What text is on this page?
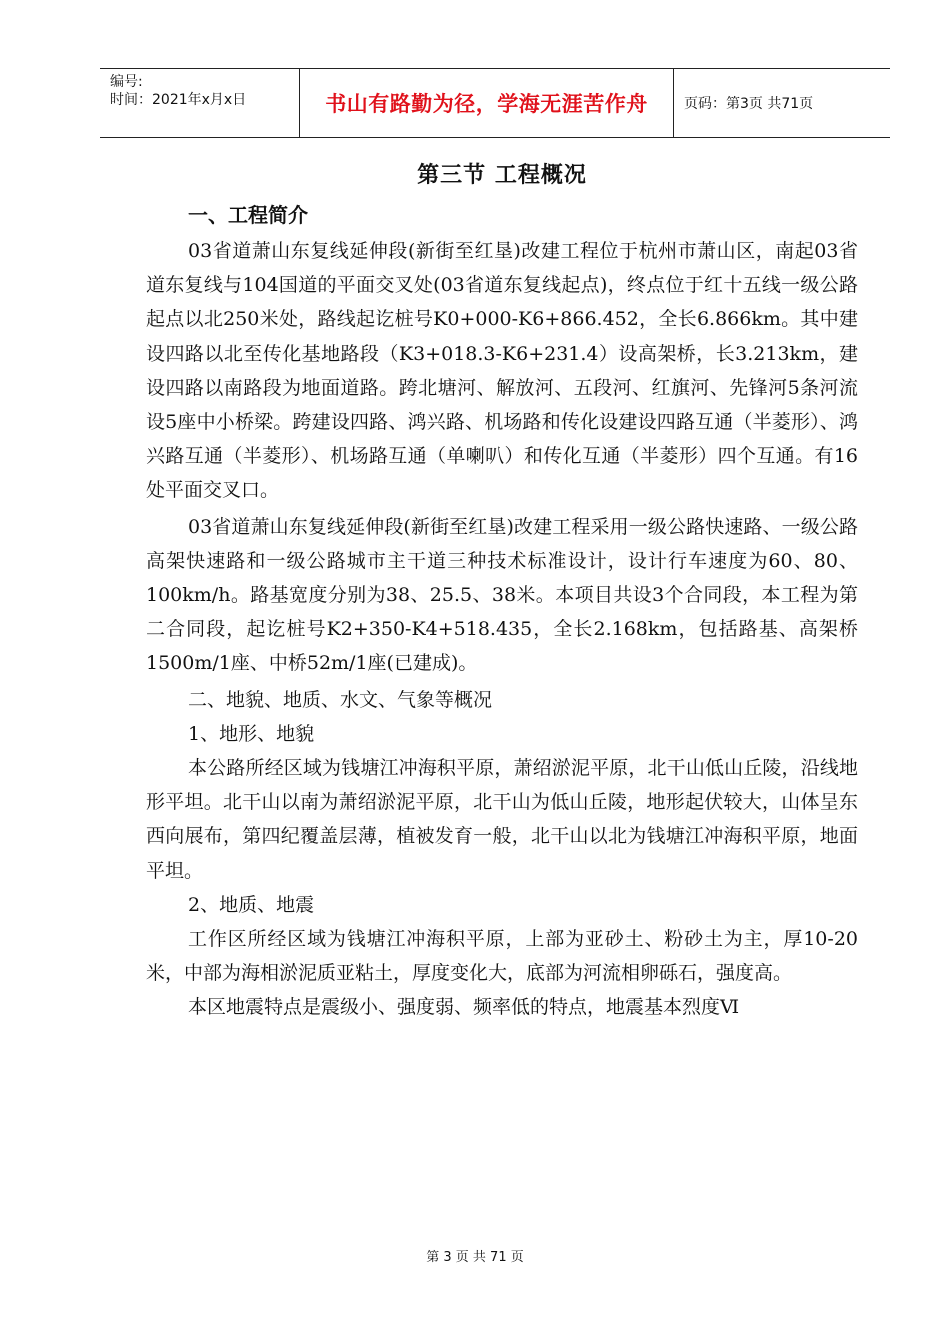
编号:
时间：2021年x月x日	书山有路勤为径，学海无涯苦作舟	页码：第3页 共71页
第三节 工程概况
一、工程简介

03省道萧山东复线延伸段(新街至红垦)改建工程位于杭州市萧山区，南起03省道东复线与104国道的平面交叉处(03省道东复线起点)，终点位于红十五线一级公路起点以北250米处，路线起讫桩号K0+000-K6+866.452，全长6.866km。其中建设四路以北至传化基地路段（K3+018.3-K6+231.4）设高架桥，长3.213km，建设四路以南路段为地面道路。跨北塘河、解放河、五段河、红旗河、先锋河5条河流设5座中小桥梁。跨建设四路、鸿兴路、机场路和传化设建设四路互通（半菱形）、鸿兴路互通（半菱形）、机场路互通（单喇叭）和传化互通（半菱形）四个互通。有16处平面交叉口。

03省道萧山东复线延伸段(新街至红垦)改建工程采用一级公路快速路、一级公路高架快速路和一级公路城市主干道三种技术标准设计，设计行车速度为60、80、100km/h。路基宽度分别为38、25.5、38米。本项目共设3个合同段，本工程为第二合同段，起讫桩号K2+350-K4+518.435，全长2.168km，包括路基、高架桥1500m/1座、中桥52m/1座(已建成)。

二、地貌、地质、水文、气象等概况

1、地形、地貌

本公路所经区域为钱塘江冲海积平原，萧绍淤泥平原，北干山低山丘陵，沿线地形平坦。北干山以南为萧绍淤泥平原，北干山为低山丘陵，地形起伏较大，山体呈东西向展布，第四纪覆盖层薄，植被发育一般，北干山以北为钱塘江冲海积平原，地面平坦。

2、地质、地震

工作区所经区域为钱塘江冲海积平原，上部为亚砂土、粉砂土为主，厚10-20米，中部为海相淤泥质亚粘土，厚度变化大，底部为河流相卵砾石，强度高。

本区地震特点是震级小、强度弱、频率低的特点，地震基本烈度Ⅵ

第 3 页 共 71 页
